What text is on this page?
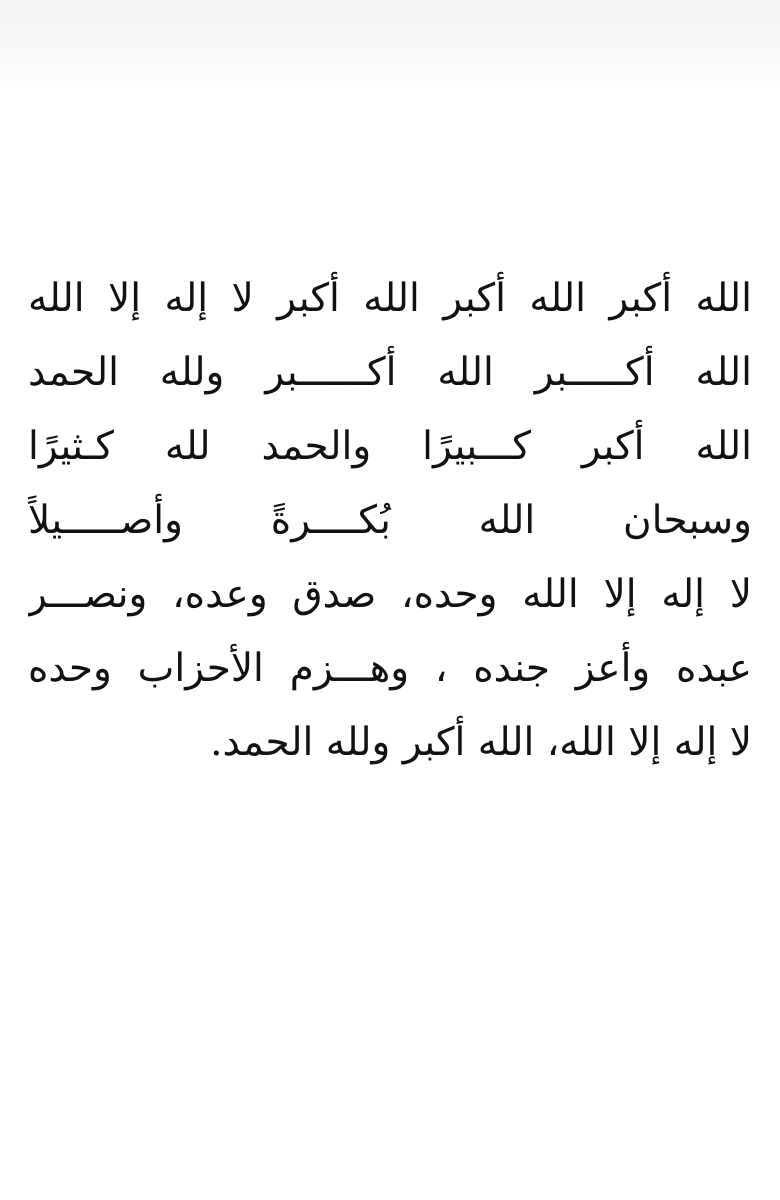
الله أكبر الله أكبر الله أكبر لا إله إلا الله
الله أكـــــبر الله أكــــــبر ولله الحمد
الله أكبر كـــبيرًا والحمد لله كـثيرًا
وسبحان الله بُكــــرةً وأصـــــيلاً
لا إله إلا الله وحده، صدق وعده، ونصـــر
عبده وأعز جنده ، وهـــزم الأحزاب وحده
لا إله إلا الله، الله أكبر ولله الحمد.
